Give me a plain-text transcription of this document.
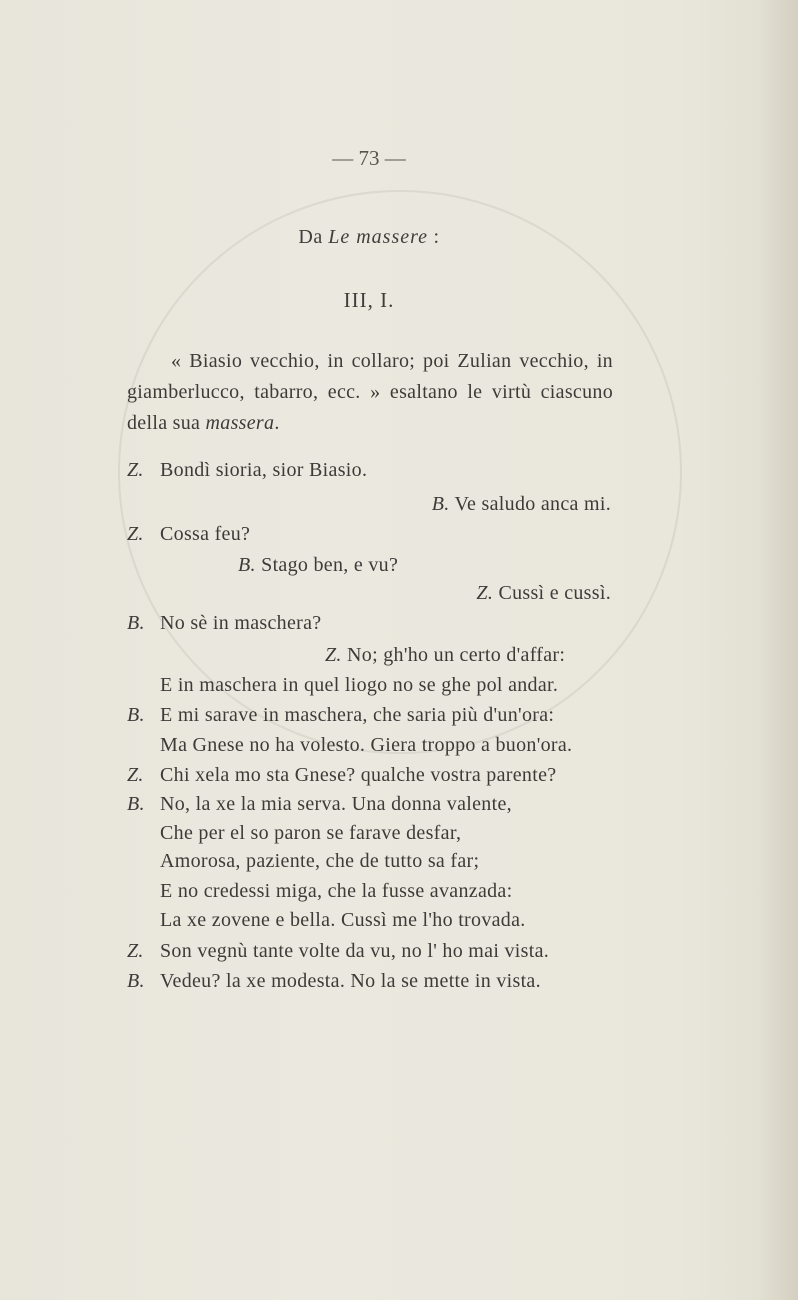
— 73 —
Da Le massere :
III, I.

« Biasio vecchio, in collaro; poi Zulian vecchio, in giamberlucco, tabarro, ecc. » esaltano le virtù ciascuno della sua massera.

Z. Bondì sioria, sior Biasio.
B. Ve saludo anca mi.
Z. Cossa feu?
B. Stago ben, e vu?
Z. Cussì e cussì.
B. No sè in maschera?
Z. No; gh'ho un certo d'affar:
E in maschera in quel liogo no se ghe pol andar.
B. E mi sarave in maschera, che saria più d'un'ora:
Ma Gnese no ha volesto. Giera troppo a buon'ora.
Z. Chi xela mo sta Gnese? qualche vostra parente?
B. No, la xe la mia serva. Una donna valente,
Che per el so paron se farave desfar,
Amorosa, paziente, che de tutto sa far;
E no credessi miga, che la fusse avanzada:
La xe zovene e bella. Cussì me l'ho trovada.
Z. Son vegnù tante volte da vu, no l' ho mai vista.
B. Vedeu? la xe modesta. No la se mette in vista.
